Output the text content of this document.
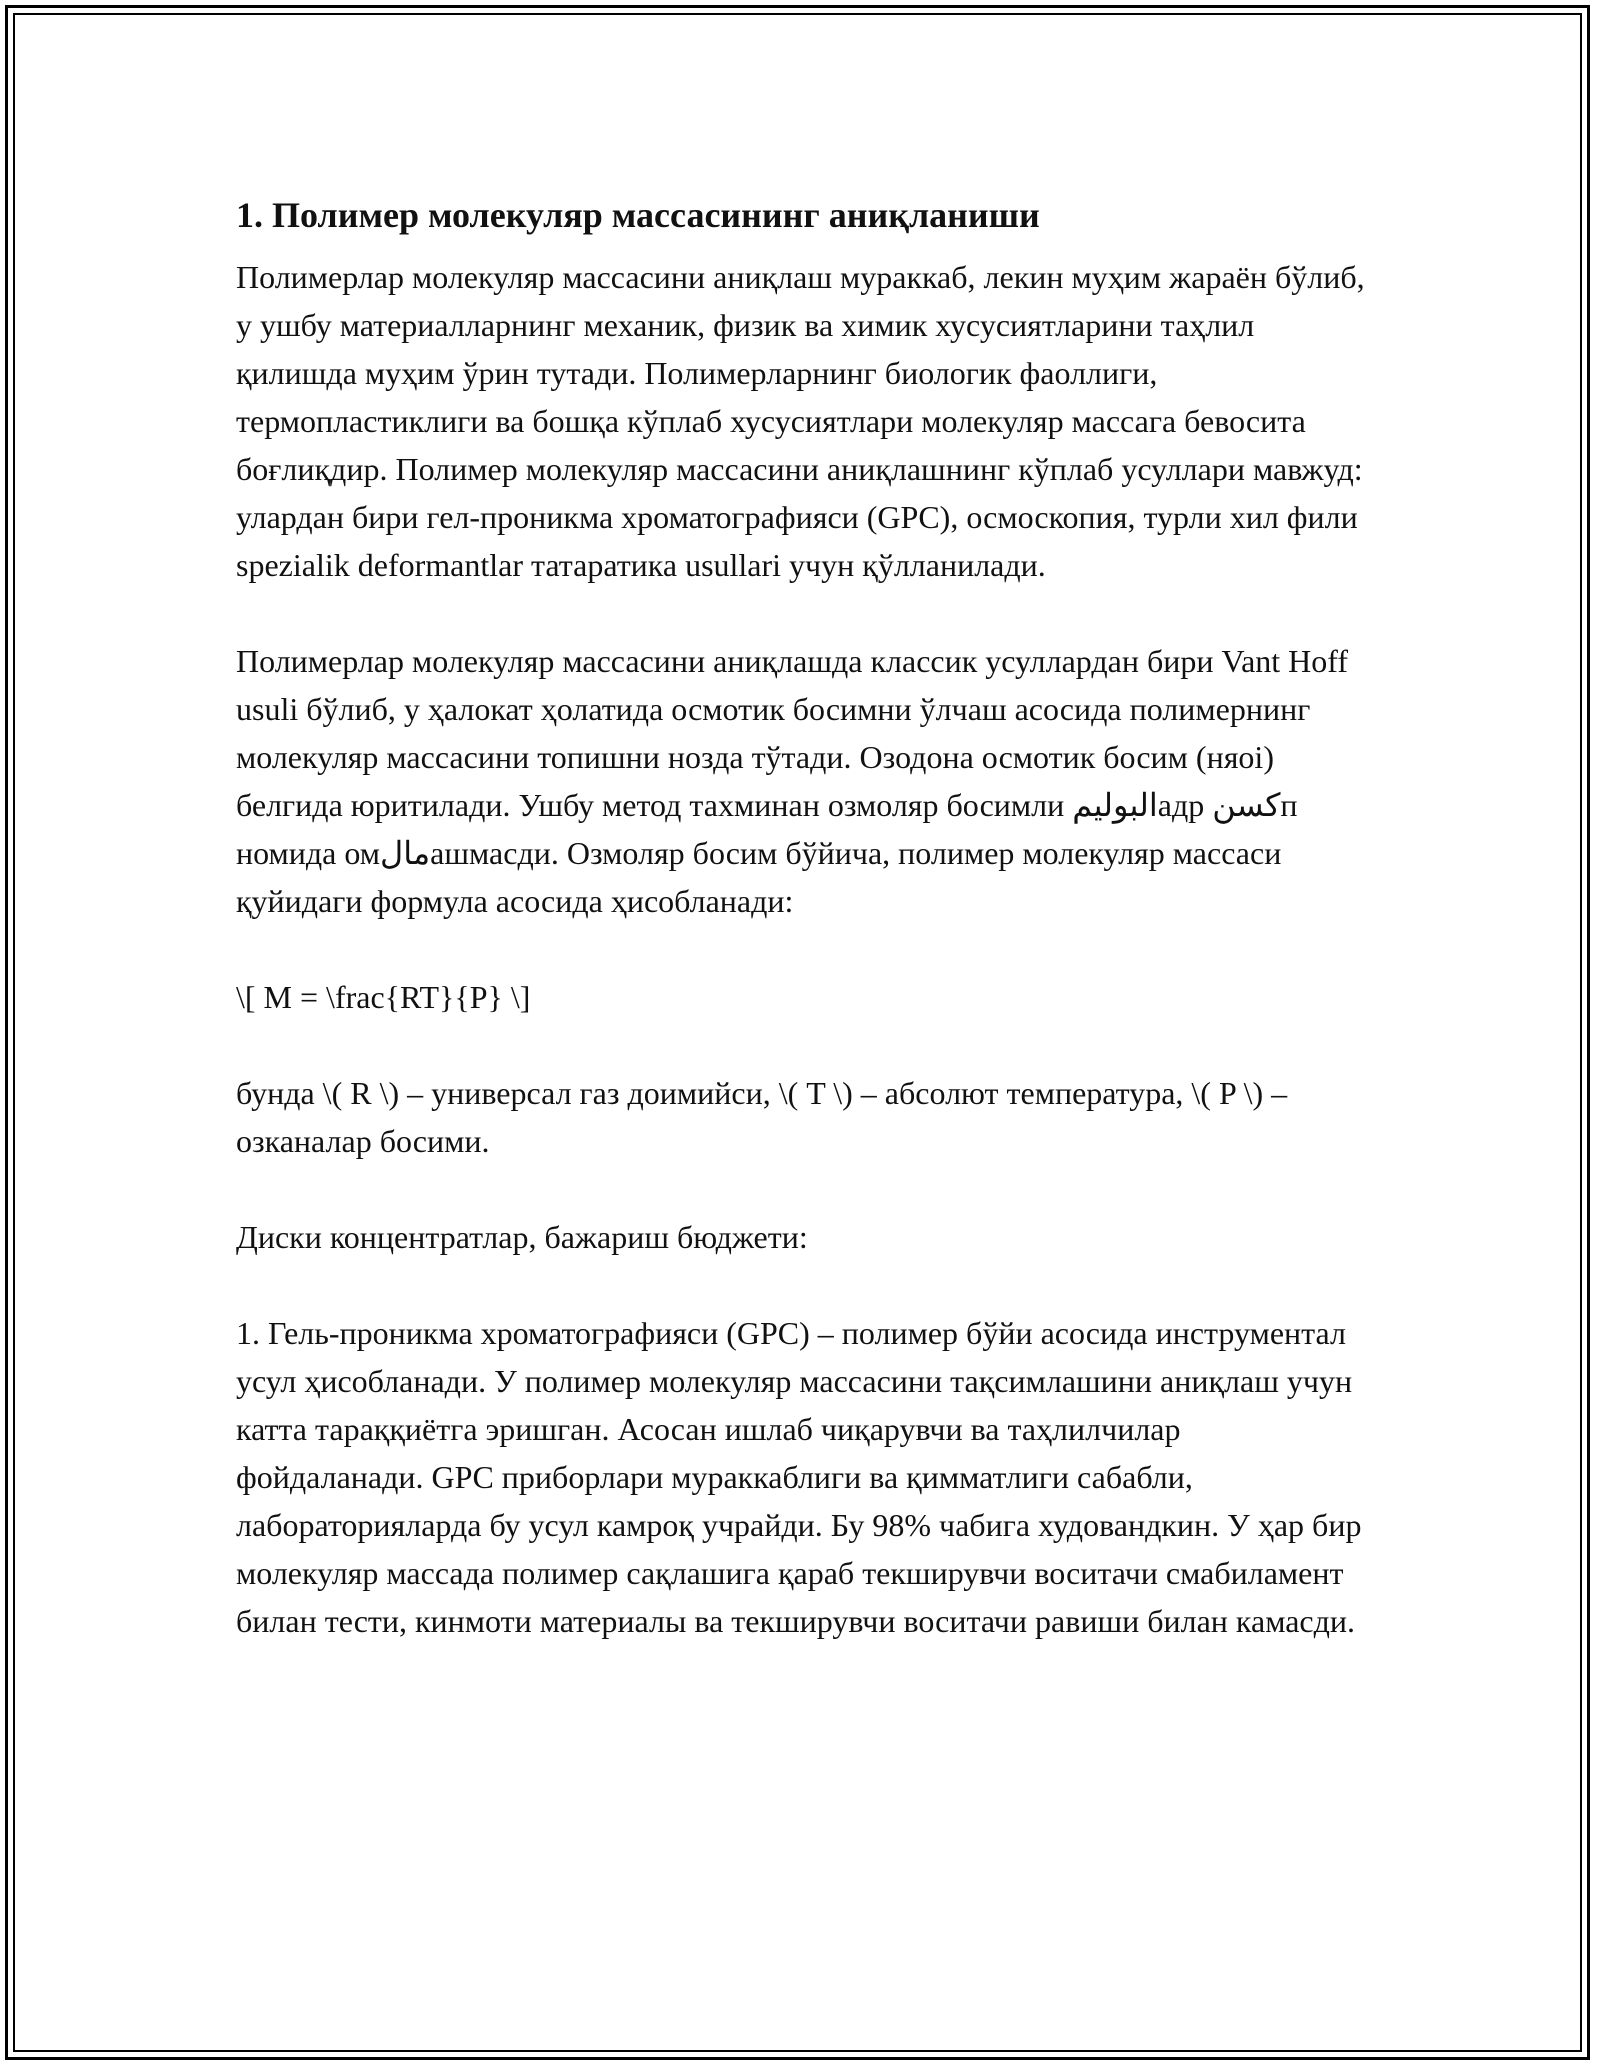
1. Полимер молекуляр массасининг аниқланиши

Полимерлар молекуляр массасини аниқлаш мураккаб, лекин муҳим жараён бўлиб, у ушбу материалларнинг механик, физик ва химик хусусиятларини таҳлил қилишда муҳим ўрин тутади. Полимерларнинг биологик фаоллиги, термопластиклиги ва бошқа кўплаб хусусиятлари молекуляр массага бевосита боғлиқдир. Полимер молекуляр массасини аниқлашнинг кўплаб усуллари мавжуд: улардан бири гел-проникма хроматографияси (GPC), осмоскопия, турли хил фили spezialik deformantlar татаратика usullari учун қўлланилади.

Полимерлар молекуляр массасини аниқлашда классик усуллардан бири Vant Hoff usuli бўлиб, у ҳалокат ҳолатида осмотик босимни ўлчаш асосида полимернинг молекуляр массасини топишни нозда тўтади. Озодона осмотик босим (няоі) белгида юритилади. Ушбу метод тахминан озмоляр босимли البوليمадр كسنп номида омمالашмасди. Озмоляр босим бўйича, полимер молекуляр массаси қуйидаги формула асосида ҳисобланади:

\[ M = \frac{RT}{P} \]

бунда \( R \) – универсал газ доимийси, \( T \) – абсолют температура, \( P \) – озканалар босими.

Диски концентратлар, бажариш бюджети:

1. Гель-проникма хроматографияси (GPC) – полимер бўйи асосида инструментал усул ҳисобланади. У полимер молекуляр массасини тақсимлашини аниқлаш учун катта тараққиётга эришган. Асосан ишлаб чиқарувчи ва таҳлилчилар фойдаланади. GPC приборлари мураккаблиги ва қимматлиги сабабли, лабораторияларда бу усул камроқ учрайди. Бу 98% чабига худовандкин. У ҳар бир молекуляр массада полимер сақлашига қараб текширувчи воситачи смабиламент билан тести, кинмоти материалы ва текширувчи воситачи равиши билан камасди.
